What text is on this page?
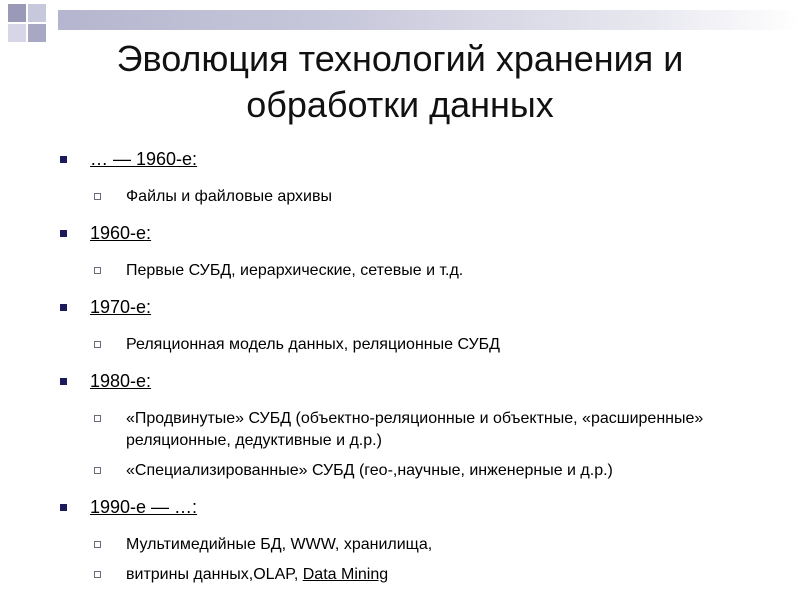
Эволюция технологий хранения и
обработки данных
… — 1960-е:
Файлы и файловые архивы
1960-е:
Первые СУБД, иерархические, сетевые и т.д.
1970-е:
Реляционная модель данных, реляционные СУБД
1980-е:
«Продвинутые» СУБД (объектно-реляционные и объектные, «расширенные» реляционные, дедуктивные и д.р.)
«Специализированные» СУБД (гео-,научные, инженерные и д.р.)
1990-е — …:
Мультимедийные БД, WWW, хранилища,
витрины данных,OLAP, Data Mining
